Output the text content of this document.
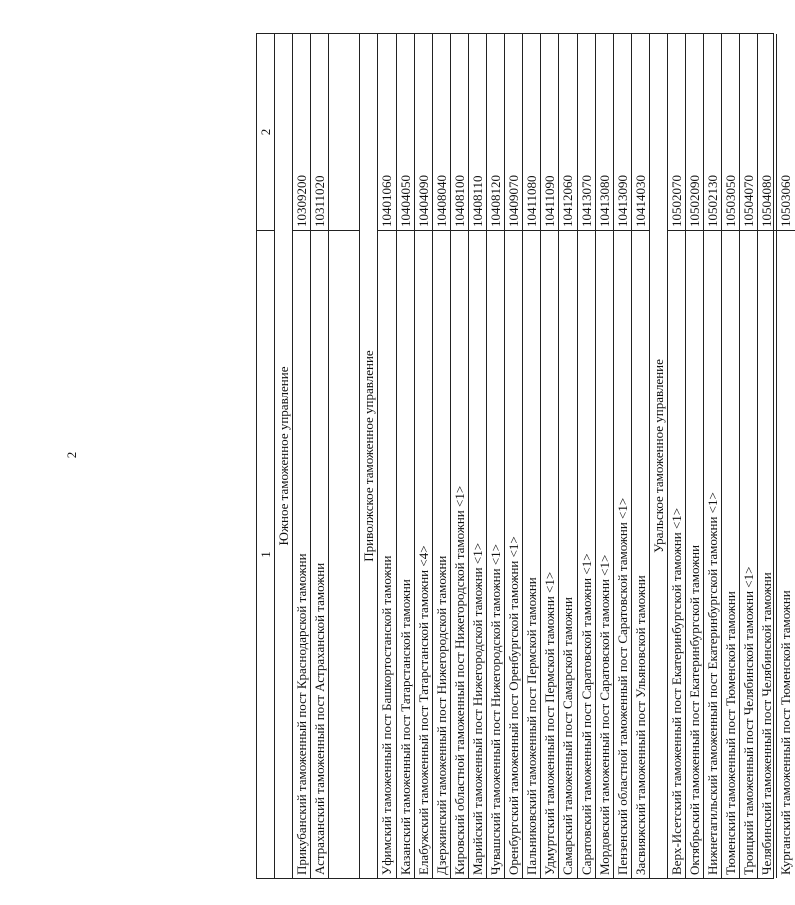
2
1
2
Южное таможенное управление
Прикубанский таможенный пост Краснодарской таможни
10309200
Астраханский таможенный пост Астраханской таможни
10311020
Приволжское таможенное управление
Уфимский таможенный пост Башкортостанской таможни
10401060
Казанский таможенный пост Татарстанской таможни
10404050
Елабужский таможенный пост Татарстанской таможни <4>
10404090
Дзержинский таможенный пост Нижегородской таможни
10408040
Кировский областной таможенный пост Нижегородской таможни <1>
10408100
Марийский таможенный пост Нижегородской таможни <1>
10408110
Чувашский таможенный пост Нижегородской таможни <1>
10408120
Оренбургский таможенный пост Оренбургской таможни <1>
10409070
Пальниковский таможенный пост Пермской таможни
10411080
Удмуртский таможенный пост Пермской таможни <1>
10411090
Самарский таможенный пост Самарской таможни
10412060
Саратовский таможенный пост Саратовской таможни <1>
10413070
Мордовский таможенный пост Саратовской таможни <1>
10413080
Пензенский областной таможенный пост Саратовской таможни <1>
10413090
Засвияжский таможенный пост Ульяновской таможни
10414030
Уральское таможенное управление
Верх-Исетский таможенный пост Екатеринбургской таможни <1>
10502070
Октябрьский таможенный пост Екатеринбургской таможни
10502090
Нижнетагильский таможенный пост Екатеринбургской таможни <1>
10502130
Тюменский таможенный пост Тюменской таможни
10503050
Троицкий таможенный пост Челябинской таможни <1>
10504070
Челябинский таможенный пост Челябинской таможни
10504080
Курганский таможенный пост Тюменской таможни
10503060
